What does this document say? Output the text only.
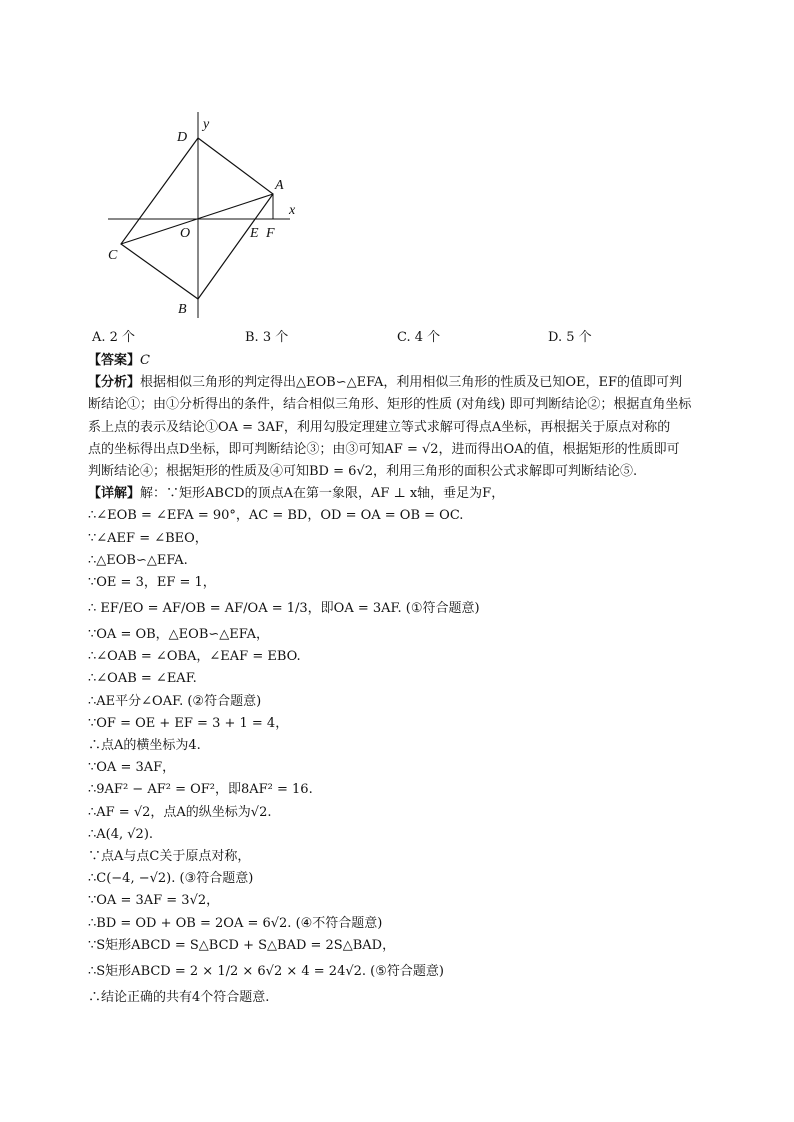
y
x
D
A
O	E F
C
B
A. 2 个	B. 3 个	C. 4 个	D. 5 个
【答案】C
【分析】根据相似三角形的判定得出△EOB∽△EFA，利用相似三角形的性质及已知OE，EF的值即可判
断结论①；由①分析得出的条件，结合相似三角形、矩形的性质 (对角线) 即可判断结论②；根据直角坐标
系上点的表示及结论①OA = 3AF，利用勾股定理建立等式求解可得点A坐标，再根据关于原点对称的
点的坐标得出点D坐标，即可判断结论③；由③可知AF = √2，进而得出OA的值，根据矩形的性质即可
判断结论④；根据矩形的性质及④可知BD = 6√2，利用三角形的面积公式求解即可判断结论⑤.
【详解】解：∵矩形ABCD的顶点A在第一象限，AF ⊥ x轴，垂足为F，
∴∠EOB = ∠EFA = 90°，AC = BD，OD = OA = OB = OC.
∵∠AEF = ∠BEO，
∴△EOB∽△EFA.
∵OE = 3，EF = 1，
∴ EF/EO = AF/OB = AF/OA = 1/3，即OA = 3AF. (①符合题意)
∵OA = OB，△EOB∽△EFA，
∴∠OAB = ∠OBA，∠EAF = EBO.
∴∠OAB = ∠EAF.
∴AE平分∠OAF. (②符合题意)
∵OF = OE + EF = 3 + 1 = 4，
∴点A的横坐标为4.
∵OA = 3AF，
∴9AF² − AF² = OF²，即8AF² = 16.
∴AF = √2，点A的纵坐标为√2.
∴A(4, √2).
∵点A与点C关于原点对称，
∴C(−4, −√2). (③符合题意)
∵OA = 3AF = 3√2，
∴BD = OD + OB = 2OA = 6√2. (④不符合题意)
∵S矩形ABCD = S△BCD + S△BAD = 2S△BAD，
∴S矩形ABCD = 2 × 1/2 × 6√2 × 4 = 24√2. (⑤符合题意)
∴结论正确的共有4个符合题意.
